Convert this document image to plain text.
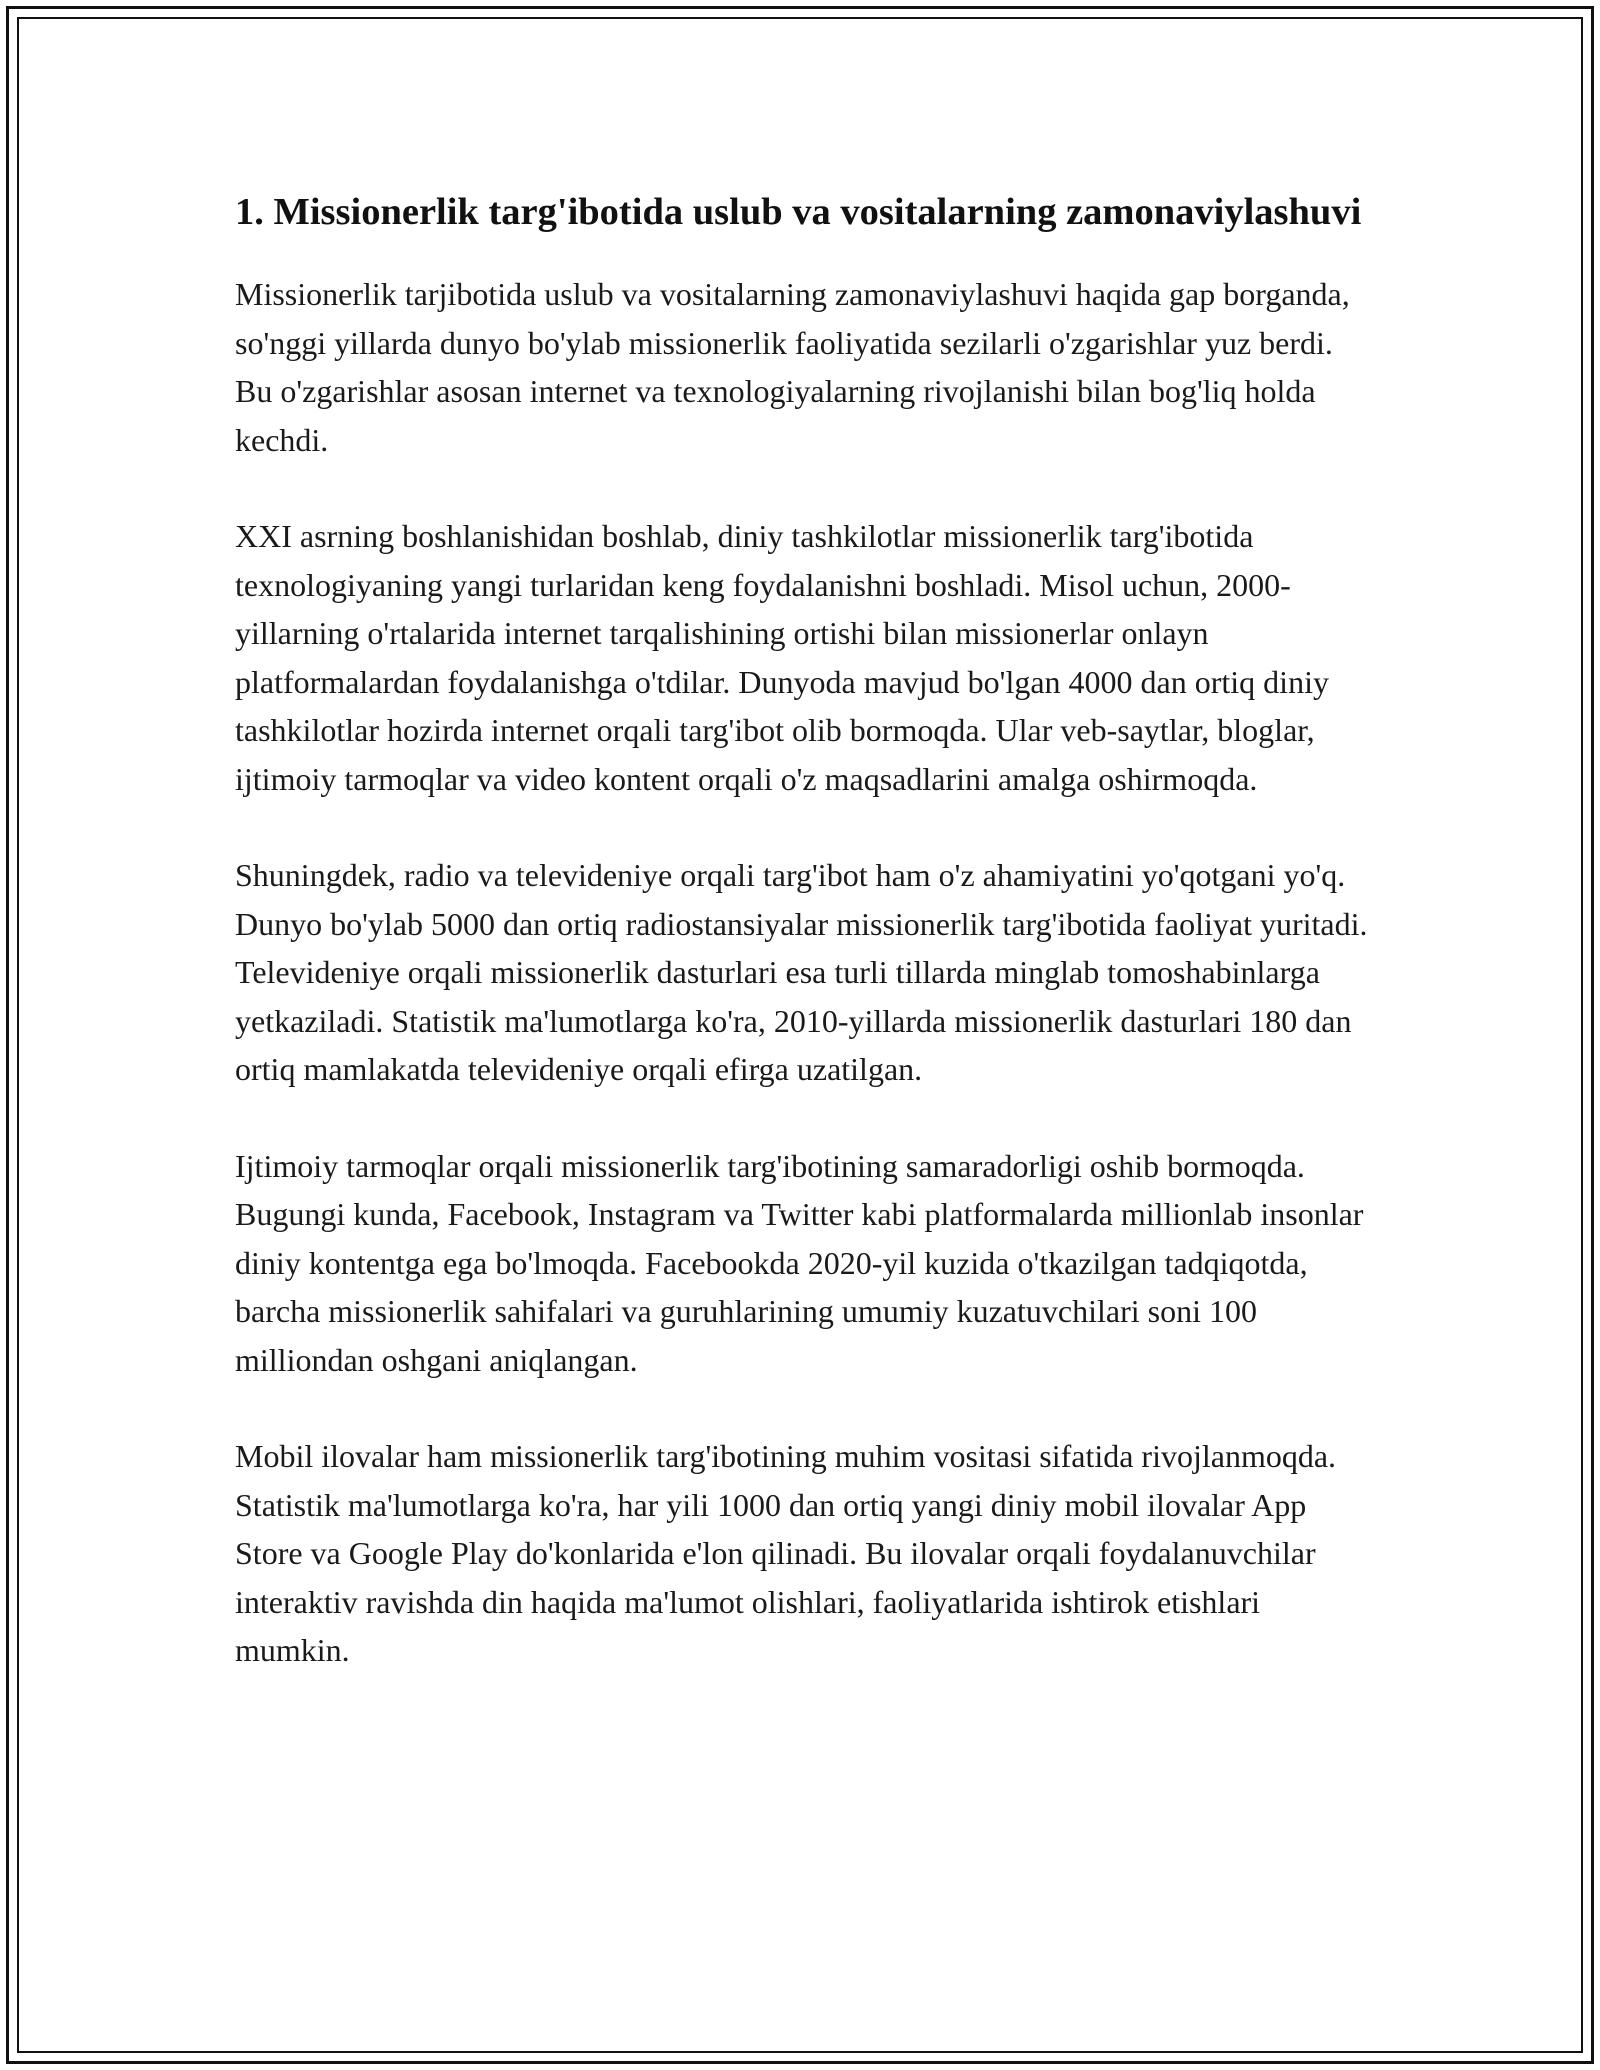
1. Missionerlik targ'ibotida uslub va vositalarning zamonaviylashuvi

Missionerlik tarjibotida uslub va vositalarning zamonaviylashuvi haqida gap borganda, so'nggi yillarda dunyo bo'ylab missionerlik faoliyatida sezilarli o'zgarishlar yuz berdi. Bu o'zgarishlar asosan internet va texnologiyalarning rivojlanishi bilan bog'liq holda kechdi.

XXI asrning boshlanishidan boshlab, diniy tashkilotlar missionerlik targ'ibotida texnologiyaning yangi turlaridan keng foydalanishni boshladi. Misol uchun, 2000-yillarning o'rtalarida internet tarqalishining ortishi bilan missionerlar onlayn platformalardan foydalanishga o'tdilar. Dunyoda mavjud bo'lgan 4000 dan ortiq diniy tashkilotlar hozirda internet orqali targ'ibot olib bormoqda. Ular veb-saytlar, bloglar, ijtimoiy tarmoqlar va video kontent orqali o'z maqsadlarini amalga oshirmoqda.

Shuningdek, radio va televideniye orqali targ'ibot ham o'z ahamiyatini yo'qotgani yo'q. Dunyo bo'ylab 5000 dan ortiq radiostansiyalar missionerlik targ'ibotida faoliyat yuritadi. Televideniye orqali missionerlik dasturlari esa turli tillarda minglab tomoshabinlarga yetkaziladi. Statistik ma'lumotlarga ko'ra, 2010-yillarda missionerlik dasturlari 180 dan ortiq mamlakatda televideniye orqali efirga uzatilgan.

Ijtimoiy tarmoqlar orqali missionerlik targ'ibotining samaradorligi oshib bormoqda. Bugungi kunda, Facebook, Instagram va Twitter kabi platformalarda millionlab insonlar diniy kontentga ega bo'lmoqda. Facebookda 2020-yil kuzida o'tkazilgan tadqiqotda, barcha missionerlik sahifalari va guruhlarining umumiy kuzatuvchilari soni 100 milliondan oshgani aniqlangan.

Mobil ilovalar ham missionerlik targ'ibotining muhim vositasi sifatida rivojlanmoqda. Statistik ma'lumotlarga ko'ra, har yili 1000 dan ortiq yangi diniy mobil ilovalar App Store va Google Play do'konlarida e'lon qilinadi. Bu ilovalar orqali foydalanuvchilar interaktiv ravishda din haqida ma'lumot olishlari, faoliyatlarida ishtirok etishlari mumkin.
